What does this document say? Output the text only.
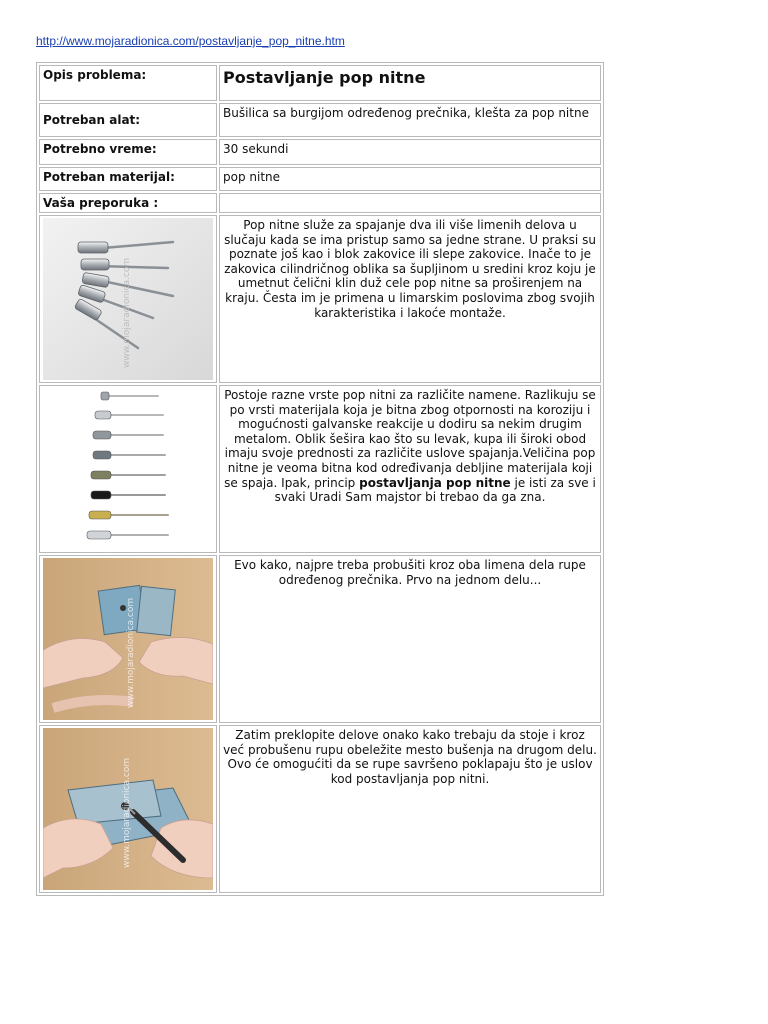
http://www.mojaradionica.com/postavljanje_pop_nitne.htm
Opis problema:	Postavljanje pop nitne
Potreban alat:	Bušilica sa burgijom određenog prečnika, klešta za pop nitne
Potrebno vreme:	30 sekundi
Potreban materijal:	pop nitne
Vaša preporuka :	

www.mojaradionica.com	Pop nitne služe za spajanje dva ili više limenih delova u slučaju kada se ima pristup samo sa jedne strane. U praksi su poznate još kao i blok zakovice ili slepe zakovice. Inače to je zakovica cilindričnog oblika sa šupljinom u sredini kroz koju je umetnut čelični klin duž cele pop nitne sa proširenjem na kraju. Česta im je primena u limarskim poslovima zbog svojih karakteristika i lakoće montaže.

	Postoje razne vrste pop nitni za različite namene. Razlikuju se po vrsti materijala koja je bitna zbog otpornosti na koroziju i mogućnosti galvanske reakcije u dodiru sa nekim drugim metalom. Oblik šešira kao što su levak, kupa ili široki obod imaju svoje prednosti za različite uslove spajanja.Veličina pop nitne je veoma bitna kod određivanja debljine materijala koji se spaja. Ipak, princip postavljanja pop nitne je isti za sve i svaki Uradi Sam majstor bi trebao da ga zna.

www.mojaradionica.com	Evo kako, najpre treba probušiti kroz oba limena dela rupe određenog prečnika. Prvo na jednom delu...

www.mojaradionica.com	Zatim preklopite delove onako kako trebaju da stoje i kroz već probušenu rupu obeležite mesto bušenja na drugom delu. Ovo će omogućiti da se rupe savršeno poklapaju što je uslov kod postavljanja pop nitni.
